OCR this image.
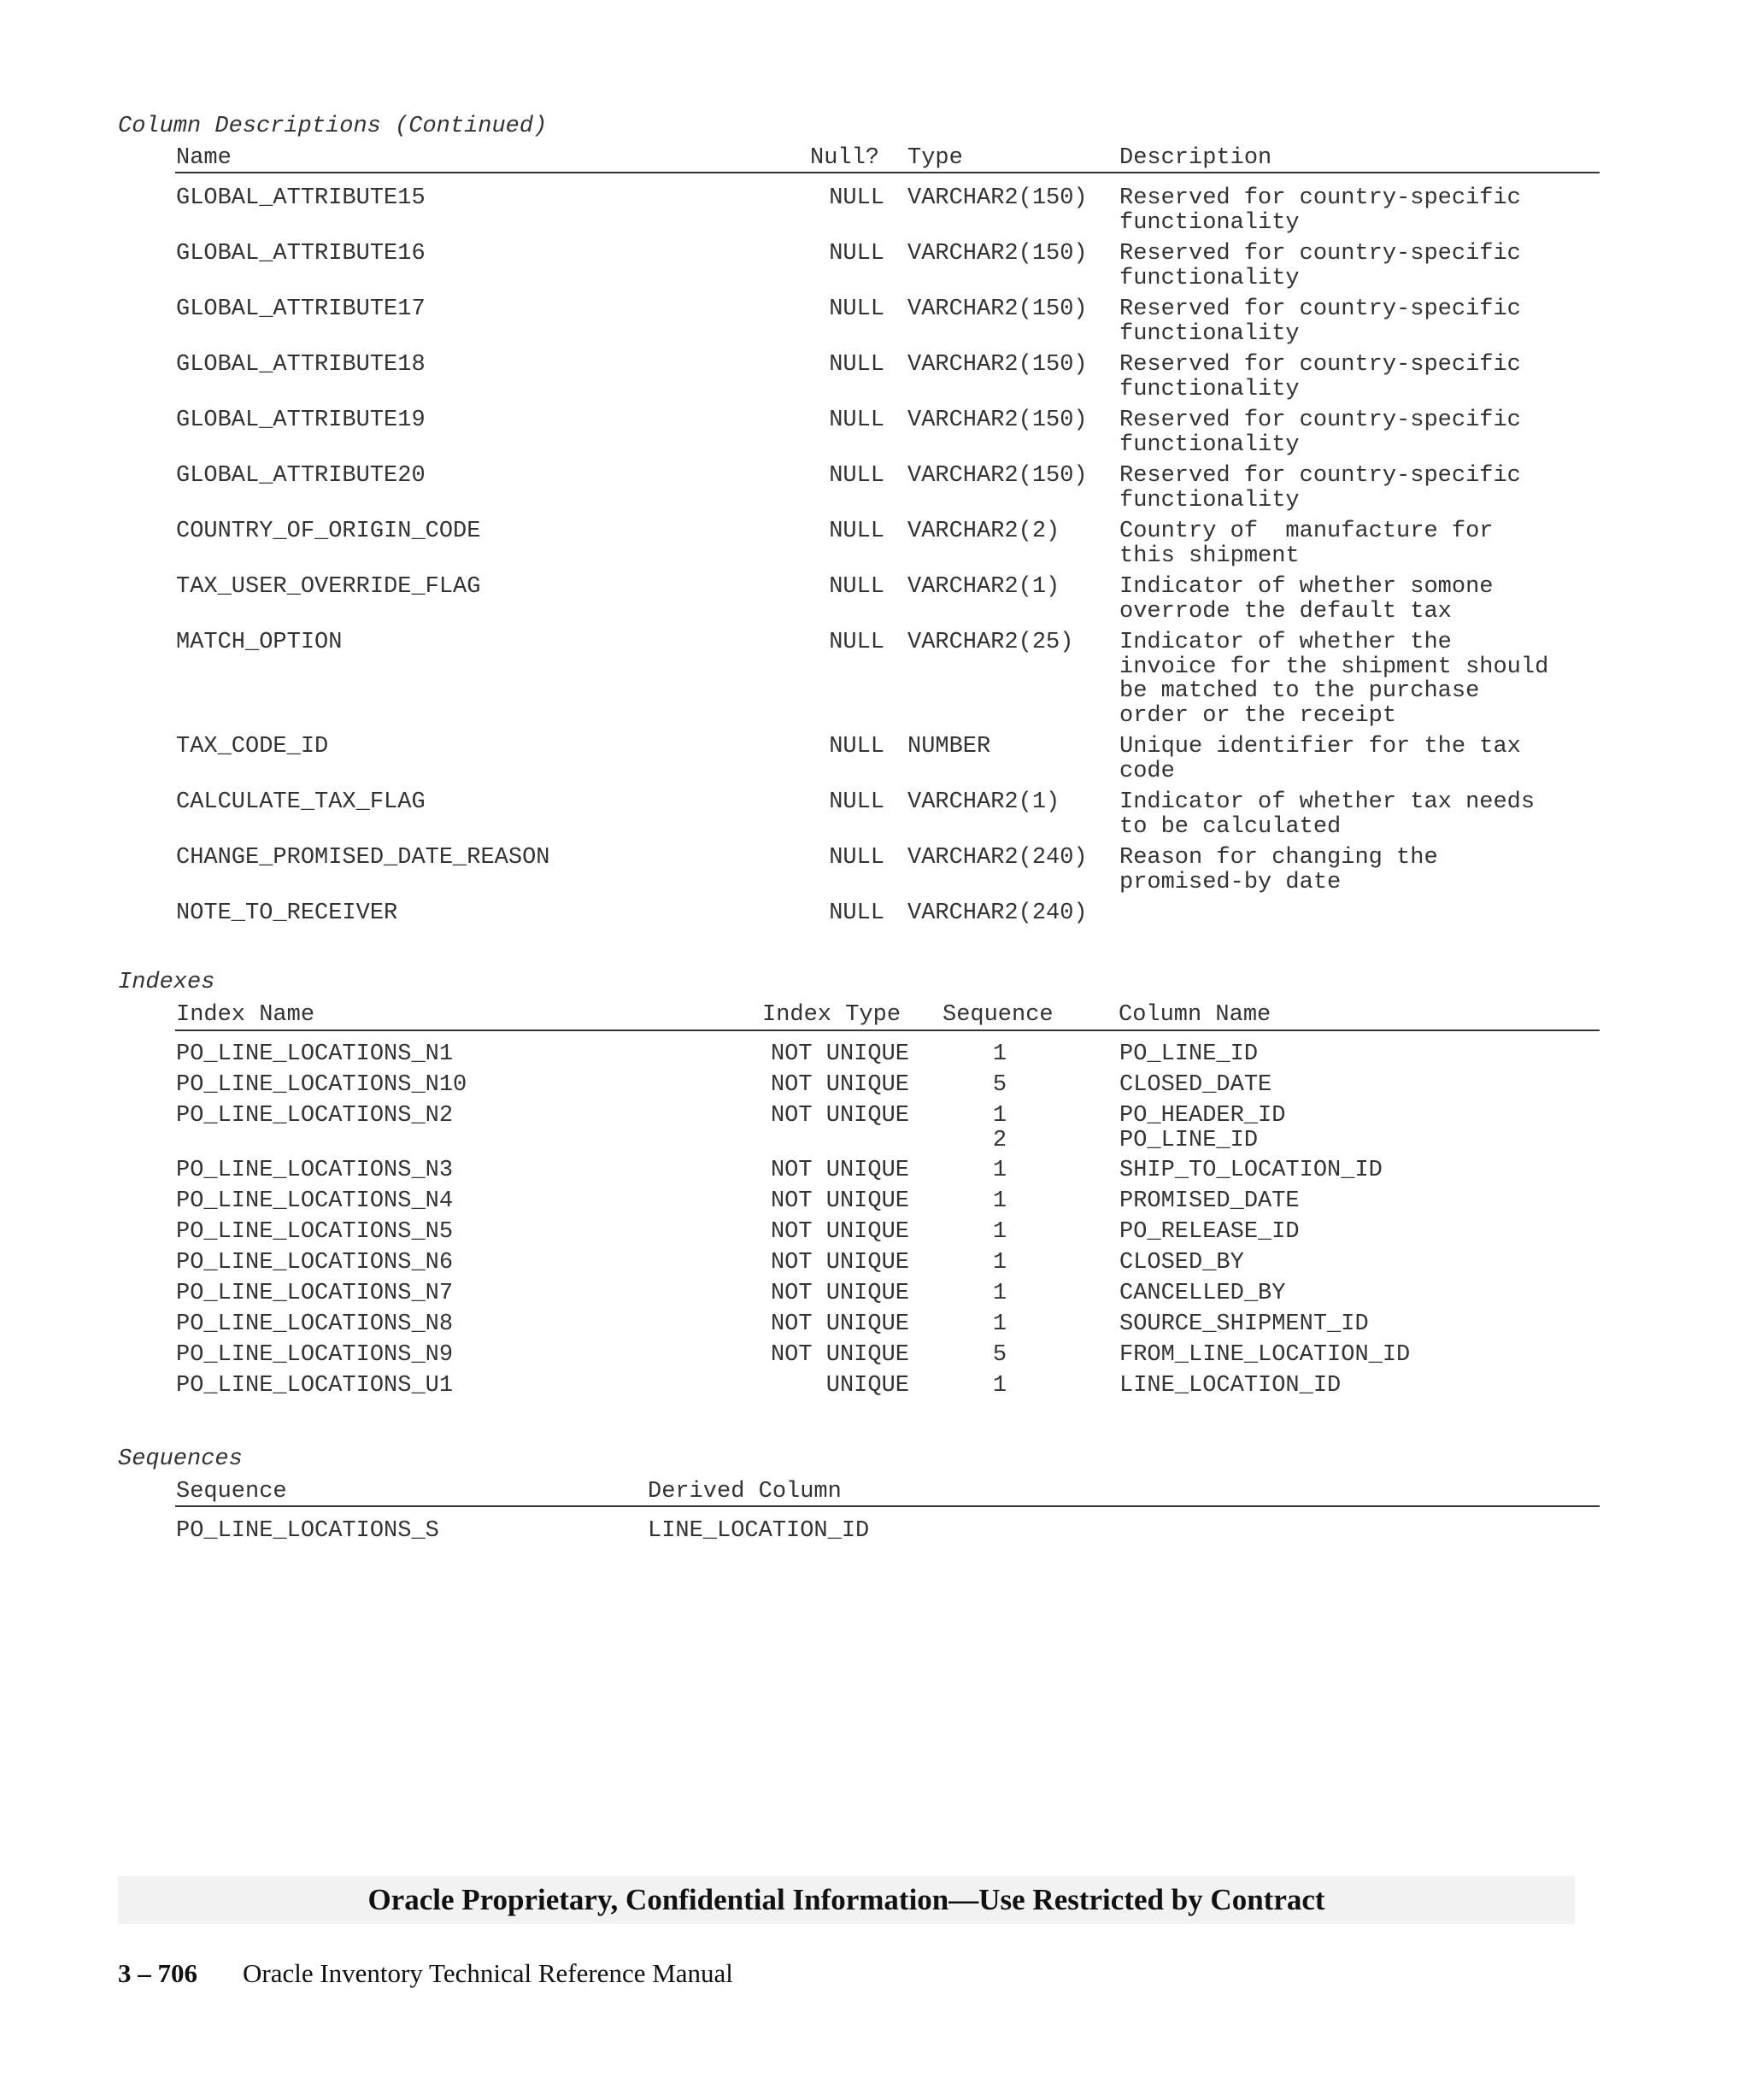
Column Descriptions (Continued)
Name	Null? Type	Description
GLOBAL_ATTRIBUTE15	NULL VARCHAR2(150) Reserved for country-specific
functionality
GLOBAL_ATTRIBUTE16	NULL VARCHAR2(150) Reserved for country-specific
functionality
GLOBAL_ATTRIBUTE17	NULL VARCHAR2(150) Reserved for country-specific
functionality
GLOBAL_ATTRIBUTE18	NULL VARCHAR2(150) Reserved for country-specific
functionality
GLOBAL_ATTRIBUTE19	NULL VARCHAR2(150) Reserved for country-specific
functionality
GLOBAL_ATTRIBUTE20	NULL VARCHAR2(150) Reserved for country-specific
functionality
COUNTRY_OF_ORIGIN_CODE	NULL VARCHAR2(2)	Country of  manufacture for
this shipment
TAX_USER_OVERRIDE_FLAG	NULL VARCHAR2(1)	Indicator of whether somone
overrode the default tax
MATCH_OPTION	NULL VARCHAR2(25) Indicator of whether the
invoice for the shipment should
be matched to the purchase
order or the receipt
TAX_CODE_ID	NULL NUMBER	Unique identifier for the tax
code
CALCULATE_TAX_FLAG	NULL VARCHAR2(1)	Indicator of whether tax needs
to be calculated
CHANGE_PROMISED_DATE_REASON	NULL VARCHAR2(240) Reason for changing the
promised-by date
NOTE_TO_RECEIVER	NULL VARCHAR2(240)
Indexes
Index Name	Index Type Sequence	Column Name
PO_LINE_LOCATIONS_N1	NOT UNIQUE	1	PO_LINE_ID
PO_LINE_LOCATIONS_N10	NOT UNIQUE	5	CLOSED_DATE
PO_LINE_LOCATIONS_N2	NOT UNIQUE	1	PO_HEADER_ID
2	PO_LINE_ID
PO_LINE_LOCATIONS_N3	NOT UNIQUE	1	SHIP_TO_LOCATION_ID
PO_LINE_LOCATIONS_N4	NOT UNIQUE	1	PROMISED_DATE
PO_LINE_LOCATIONS_N5	NOT UNIQUE	1	PO_RELEASE_ID
PO_LINE_LOCATIONS_N6	NOT UNIQUE	1	CLOSED_BY
PO_LINE_LOCATIONS_N7	NOT UNIQUE	1	CANCELLED_BY
PO_LINE_LOCATIONS_N8	NOT UNIQUE	1	SOURCE_SHIPMENT_ID
PO_LINE_LOCATIONS_N9	NOT UNIQUE	5	FROM_LINE_LOCATION_ID
PO_LINE_LOCATIONS_U1	UNIQUE	1	LINE_LOCATION_ID
Sequences
Sequence	Derived Column
PO_LINE_LOCATIONS_S	LINE_LOCATION_ID
Oracle Proprietary, Confidential Information––Use Restricted by Contract
3 – 706 Oracle Inventory Technical Reference Manual
